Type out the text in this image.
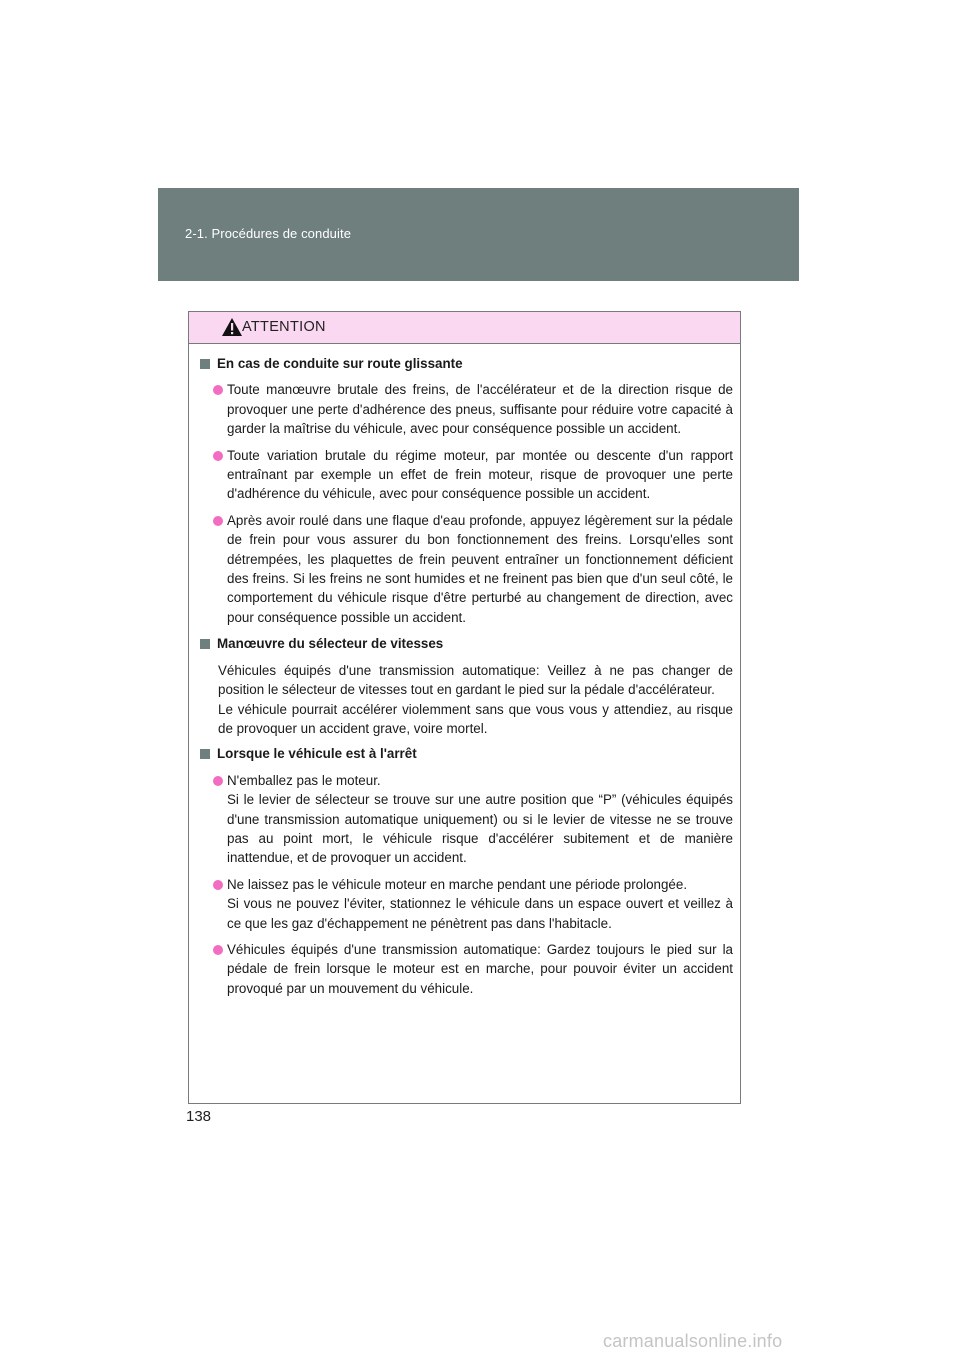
2-1. Procédures de conduite
ATTENTION
En cas de conduite sur route glissante
Toute manœuvre brutale des freins, de l'accélérateur et de la direction risque de provoquer une perte d'adhérence des pneus, suffisante pour réduire votre capacité à garder la maîtrise du véhicule, avec pour conséquence possible un accident.
Toute variation brutale du régime moteur, par montée ou descente d'un rapport entraînant par exemple un effet de frein moteur, risque de provoquer une perte d'adhérence du véhicule, avec pour conséquence possible un accident.
Après avoir roulé dans une flaque d'eau profonde, appuyez légèrement sur la pédale de frein pour vous assurer du bon fonctionnement des freins. Lorsqu'elles sont détrempées, les plaquettes de frein peuvent entraîner un fonctionnement déficient des freins. Si les freins ne sont humides et ne freinent pas bien que d'un seul côté, le comportement du véhicule risque d'être perturbé au changement de direction, avec pour conséquence possible un accident.
Manœuvre du sélecteur de vitesses
Véhicules équipés d'une transmission automatique: Veillez à ne pas changer de position le sélecteur de vitesses tout en gardant le pied sur la pédale d'accélérateur.
Le véhicule pourrait accélérer violemment sans que vous vous y attendiez, au risque de provoquer un accident grave, voire mortel.
Lorsque le véhicule est à l'arrêt
N'emballez pas le moteur.
Si le levier de sélecteur se trouve sur une autre position que “P” (véhicules équipés d'une transmission automatique uniquement) ou si le levier de vitesse ne se trouve pas au point mort, le véhicule risque d'accélérer subitement et de manière inattendue, et de provoquer un accident.
Ne laissez pas le véhicule moteur en marche pendant une période prolongée.
Si vous ne pouvez l'éviter, stationnez le véhicule dans un espace ouvert et veillez à ce que les gaz d'échappement ne pénètrent pas dans l'habitacle.
Véhicules équipés d'une transmission automatique: Gardez toujours le pied sur la pédale de frein lorsque le moteur est en marche, pour pouvoir éviter un accident provoqué par un mouvement du véhicule.
138
carmanualsonline.info
